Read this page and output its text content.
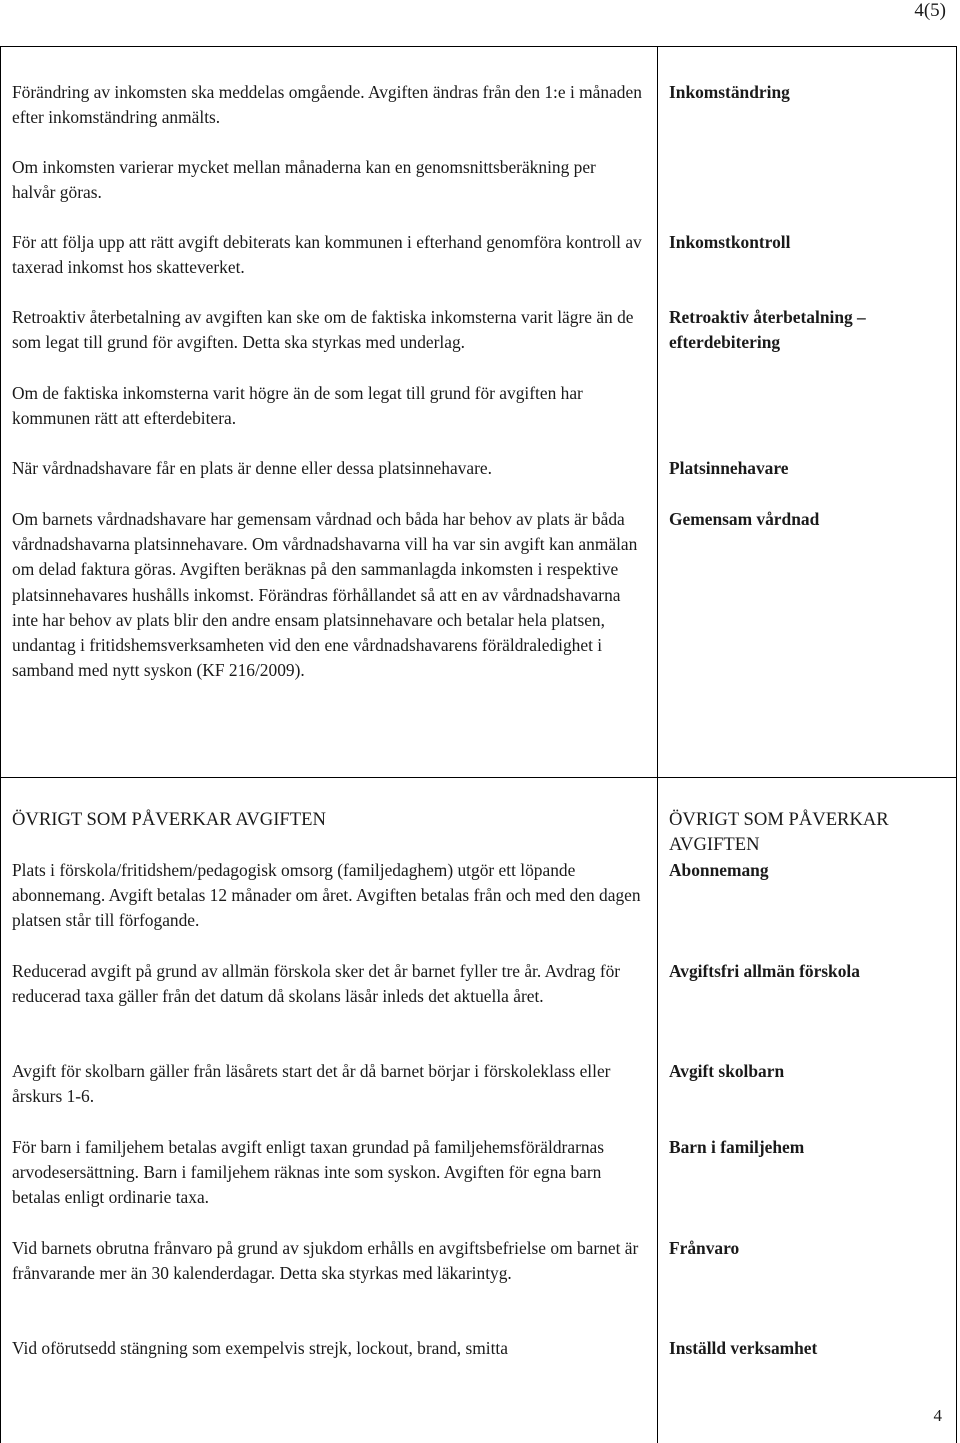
4(5)

Förändring av inkomsten ska meddelas omgående. Avgiften ändras från den 1:e i månaden efter inkomständring anmälts.

Om inkomsten varierar mycket mellan månaderna kan en genomsnittsberäkning per halvår göras.

För att följa upp att rätt avgift debiterats kan kommunen i efterhand genomföra kontroll av taxerad inkomst hos skatteverket.

Retroaktiv återbetalning av avgiften kan ske om de faktiska inkomsterna varit lägre än de som legat till grund för avgiften. Detta ska styrkas med underlag.

Om de faktiska inkomsterna varit högre än de som legat till grund för avgiften har kommunen rätt att efterdebitera.

När vårdnadshavare får en plats är denne eller dessa platsinnehavare.

Om barnets vårdnadshavare har gemensam vårdnad och båda har behov av plats är båda vårdnadshavarna platsinnehavare. Om vårdnadshavarna vill ha var sin avgift kan anmälan om delad faktura göras. Avgiften beräknas på den sammanlagda inkomsten i respektive platsinnehavares hushålls inkomst. Förändras förhållandet så att en av vårdnadshavarna inte har behov av plats blir den andre ensam platsinnehavare och betalar hela platsen, undantag i fritidshemsverksamheten vid den ene vårdnadshavarens föräldraledighet i samband med nytt syskon (KF 216/2009).

Inkomständring

Inkomstkontroll

Retroaktiv återbetalning – efterdebitering

Platsinnehavare

Gemensam vårdnad

ÖVRIGT SOM PÅVERKAR AVGIFTEN

Plats i förskola/fritidshem/pedagogisk omsorg (familjedaghem) utgör ett löpande abonnemang. Avgift betalas 12 månader om året. Avgiften betalas från och med den dagen platsen står till förfogande.

Reducerad avgift på grund av allmän förskola sker det år barnet fyller tre år. Avdrag för reducerad taxa gäller från det datum då skolans läsår inleds det aktuella året.

Avgift för skolbarn gäller från läsårets start det år då barnet börjar i förskoleklass eller årskurs 1-6.

För barn i familjehem betalas avgift enligt taxan grundad på familjehemsföräldrarnas arvodesersättning. Barn i familjehem räknas inte som syskon. Avgiften för egna barn betalas enligt ordinarie taxa.

Vid barnets obrutna frånvaro på grund av sjukdom erhålls en avgiftsbefrielse om barnet är frånvarande mer än 30 kalenderdagar. Detta ska styrkas med läkarintyg.

Vid oförutsedd stängning som exempelvis strejk, lockout, brand, smitta

ÖVRIGT SOM PÅVERKAR AVGIFTEN

Abonnemang

Avgiftsfri allmän förskola

Avgift skolbarn

Barn i familjehem

Frånvaro

Inställd verksamhet

4
